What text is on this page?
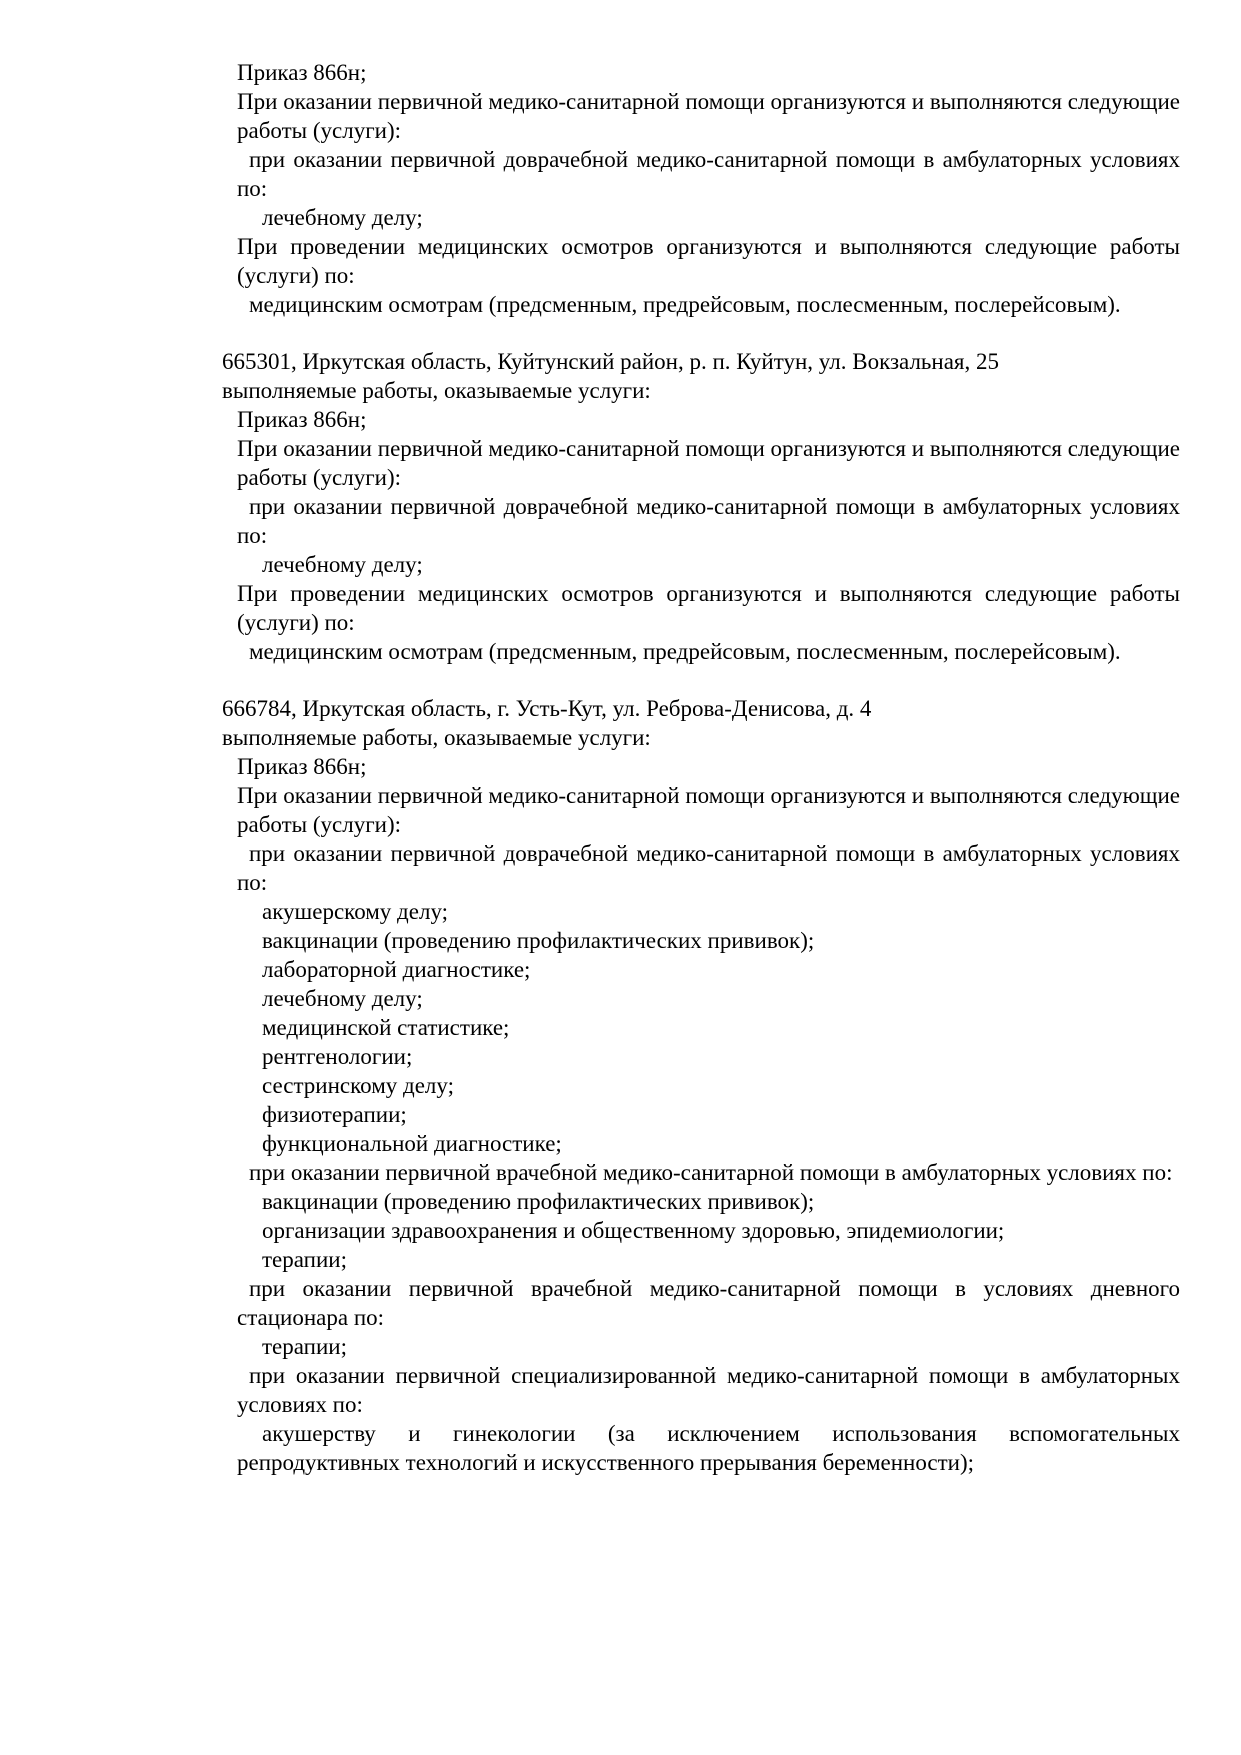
Приказ 866н;
При оказании первичной медико-санитарной помощи организуются и выполняются следующие работы (услуги):
при оказании первичной доврачебной медико-санитарной помощи в амбулаторных условиях по:
лечебному делу;
При проведении медицинских осмотров организуются и выполняются следующие работы (услуги) по:
медицинским осмотрам (предсменным, предрейсовым, послесменным, послерейсовым).
665301, Иркутская область, Куйтунский район, р. п. Куйтун, ул. Вокзальная, 25
выполняемые работы, оказываемые услуги:
Приказ 866н;
При оказании первичной медико-санитарной помощи организуются и выполняются следующие работы (услуги):
при оказании первичной доврачебной медико-санитарной помощи в амбулаторных условиях по:
лечебному делу;
При проведении медицинских осмотров организуются и выполняются следующие работы (услуги) по:
медицинским осмотрам (предсменным, предрейсовым, послесменным, послерейсовым).
666784, Иркутская область, г. Усть-Кут, ул. Реброва-Денисова, д. 4
выполняемые работы, оказываемые услуги:
Приказ 866н;
При оказании первичной медико-санитарной помощи организуются и выполняются следующие работы (услуги):
при оказании первичной доврачебной медико-санитарной помощи в амбулаторных условиях по:
акушерскому делу;
вакцинации (проведению профилактических прививок);
лабораторной диагностике;
лечебному делу;
медицинской статистике;
рентгенологии;
сестринскому делу;
физиотерапии;
функциональной диагностике;
при оказании первичной врачебной медико-санитарной помощи в амбулаторных условиях по:
вакцинации (проведению профилактических прививок);
организации здравоохранения и общественному здоровью, эпидемиологии;
терапии;
при оказании первичной врачебной медико-санитарной помощи в условиях дневного стационара по:
терапии;
при оказании первичной специализированной медико-санитарной помощи в амбулаторных условиях по:
акушерству и гинекологии (за исключением использования вспомогательных репродуктивных технологий и искусственного прерывания беременности);
